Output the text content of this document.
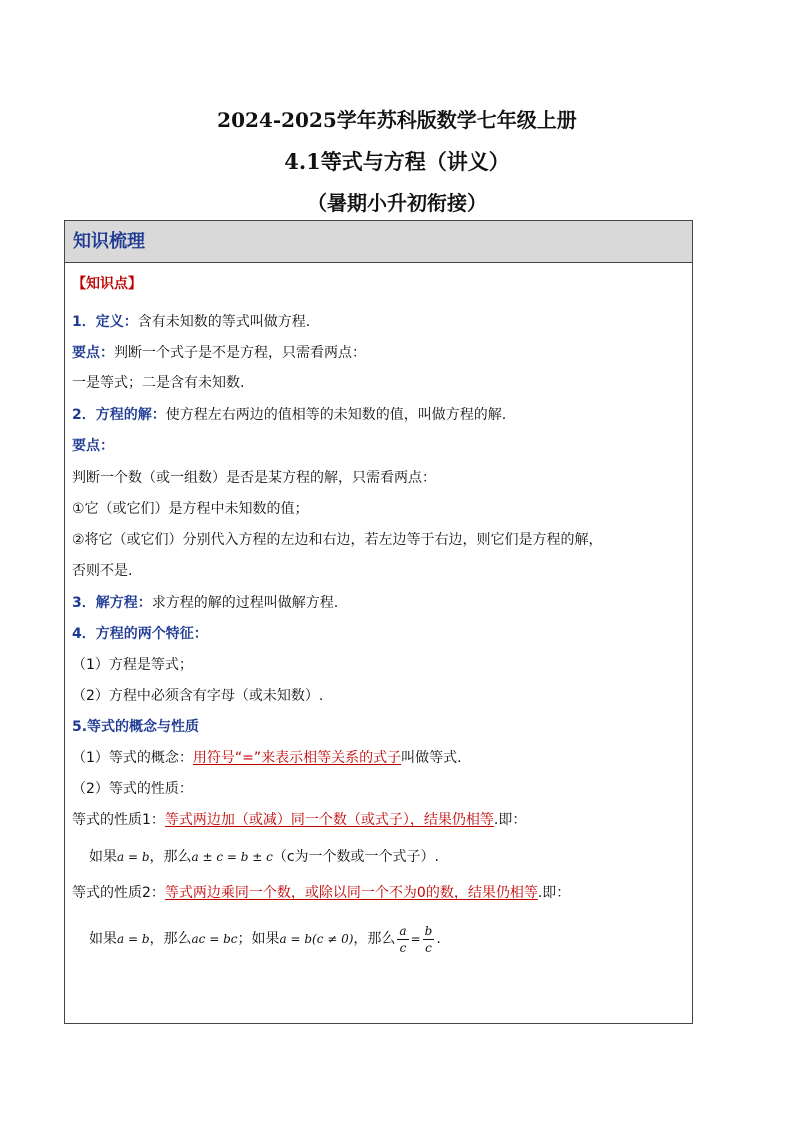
2024-2025学年苏科版数学七年级上册
4.1等式与方程（讲义）
（暑期小升初衔接）
知识梳理
【知识点】
1．定义：含有未知数的等式叫做方程.
要点：判断一个式子是不是方程，只需看两点：
一是等式；二是含有未知数.
2．方程的解：使方程左右两边的值相等的未知数的值，叫做方程的解.
要点：
判断一个数（或一组数）是否是某方程的解，只需看两点：
①它（或它们）是方程中未知数的值；
②将它（或它们）分别代入方程的左边和右边，若左边等于右边，则它们是方程的解，
否则不是.
3．解方程：求方程的解的过程叫做解方程.
4．方程的两个特征：
（1）方程是等式；
（2）方程中必须含有字母（或未知数）.
5.等式的概念与性质
（1）等式的概念：用符号“=”来表示相等关系的式子叫做等式.
（2）等式的性质：
等式的性质1：等式两边加（或减）同一个数（或式子），结果仍相等.即：
如果a = b，那么a ± c = b ± c（c为一个数或一个式子）.
等式的性质2：等式两边乘同一个数，或除以同一个不为0的数，结果仍相等.即：
如果a = b，那么ac = bc；如果a = b(c ≠ 0)，那么 $\frac{a}{c} = \frac{b}{c}$ .
